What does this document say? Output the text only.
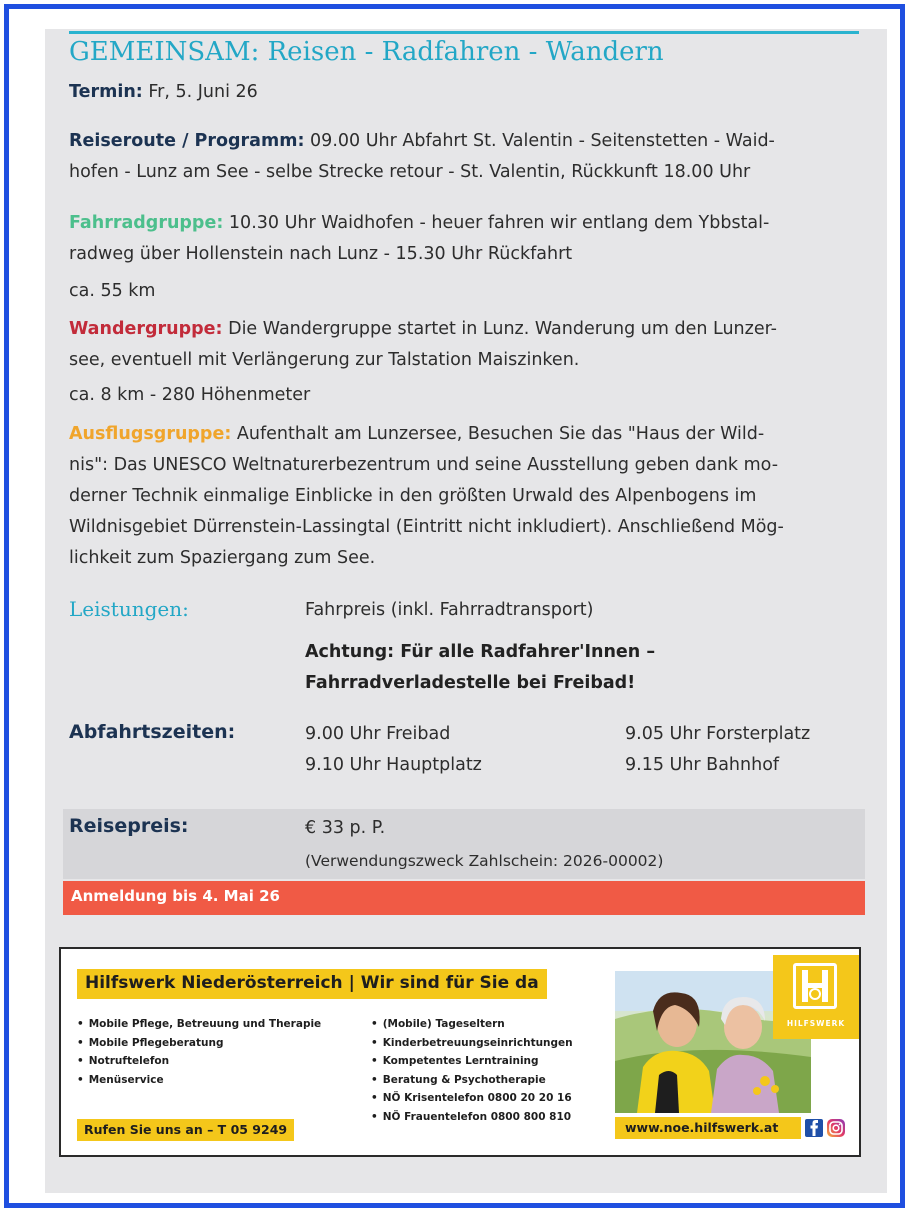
GEMEINSAM: Reisen - Radfahren - Wandern
Termin: Fr, 5. Juni 26
Reiseroute / Programm: 09.00 Uhr Abfahrt St. Valentin - Seitenstetten - Waid-
hofen - Lunz am See - selbe Strecke retour - St. Valentin, Rückkunft 18.00 Uhr
Fahrradgruppe: 10.30 Uhr Waidhofen - heuer fahren wir entlang dem Ybbstal-
radweg über Hollenstein nach Lunz - 15.30 Uhr Rückfahrt
ca. 55 km
Wandergruppe: Die Wandergruppe startet in Lunz. Wanderung um den Lunzer-
see, eventuell mit Verlängerung zur Talstation Maiszinken.
ca. 8 km - 280 Höhenmeter
Ausflugsgruppe: Aufenthalt am Lunzersee, Besuchen Sie das "Haus der Wild-
nis": Das UNESCO Weltnaturerbezentrum und seine Ausstellung geben dank mo-
derner Technik einmalige Einblicke in den größten Urwald des Alpenbogens im
Wildnisgebiet Dürrenstein-Lassingtal (Eintritt nicht inkludiert). Anschließend Mög-
lichkeit zum Spaziergang zum See.
Leistungen:	Fahrpreis (inkl. Fahrradtransport)
Achtung: Für alle Radfahrer'Innen –
Fahrradverladestelle bei Freibad!
Abfahrtszeiten:	9.00 Uhr Freibad	9.05 Uhr Forsterplatz
9.10 Uhr Hauptplatz	9.15 Uhr Bahnhof
Reisepreis:	€ 33 p. P.
(Verwendungszweck Zahlschein: 2026-00002)
Anmeldung bis 4. Mai 26
Hilfswerk Niederösterreich | Wir sind für Sie da
• Mobile Pflege, Betreuung und Therapie
• Mobile Pflegeberatung
• Notruftelefon
• Menüservice
• (Mobile) Tageseltern
• Kinderbetreuungseinrichtungen
• Kompetentes Lerntraining
• Beratung & Psychotherapie
• NÖ Krisentelefon 0800 20 20 16
• NÖ Frauentelefon 0800 800 810
Rufen Sie uns an – T 05 9249
HILFSWERK
www.noe.hilfswerk.at
